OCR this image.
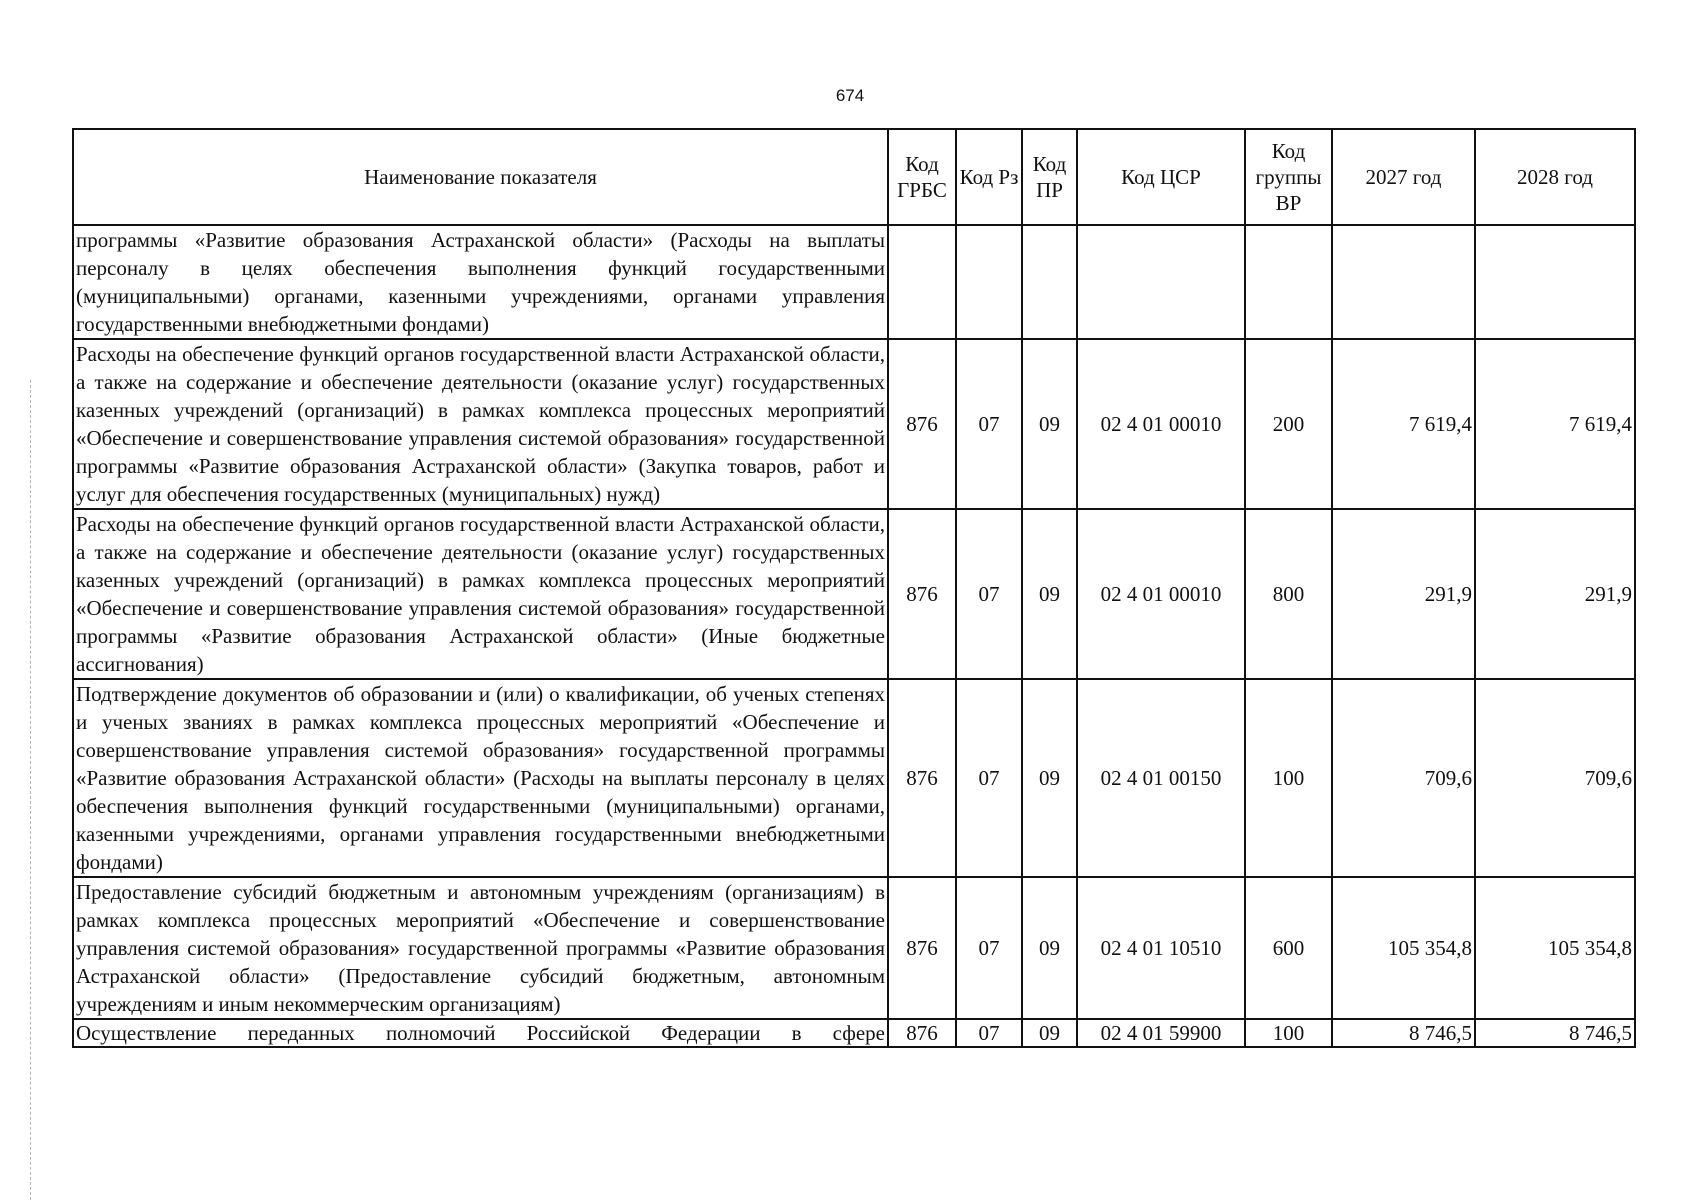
674
Наименование показателя	Код ГРБС	Код Рз	Код ПР	Код ЦСР	Код группы ВР	2027 год	2028 год
программы «Развитие образования Астраханской области» (Расходы на выплаты персоналу в целях обеспечения выполнения функций государственными (муниципальными) органами, казенными учреждениями, органами управления государственными внебюджетными фондами)							
Расходы на обеспечение функций органов государственной власти Астраханской области, а также на содержание и обеспечение деятельности (оказание услуг) государственных казенных учреждений (организаций) в рамках комплекса процессных мероприятий «Обеспечение и совершенствование управления системой образования» государственной программы «Развитие образования Астраханской области» (Закупка товаров, работ и услуг для обеспечения государственных (муниципальных) нужд)	876	07	09	02 4 01 00010	200	7 619,4	7 619,4
Расходы на обеспечение функций органов государственной власти Астраханской области, а также на содержание и обеспечение деятельности (оказание услуг) государственных казенных учреждений (организаций) в рамках комплекса процессных мероприятий «Обеспечение и совершенствование управления системой образования» государственной программы «Развитие образования Астраханской области» (Иные бюджетные ассигнования)	876	07	09	02 4 01 00010	800	291,9	291,9
Подтверждение документов об образовании и (или) о квалификации, об ученых степенях и ученых званиях в рамках комплекса процессных мероприятий «Обеспечение и совершенствование управления системой образования» государственной программы «Развитие образования Астраханской области» (Расходы на выплаты персоналу в целях обеспечения выполнения функций государственными (муниципальными) органами, казенными учреждениями, органами управления государственными внебюджетными фондами)	876	07	09	02 4 01 00150	100	709,6	709,6
Предоставление субсидий бюджетным и автономным учреждениям (организациям) в рамках комплекса процессных мероприятий «Обеспечение и совершенствование управления системой образования» государственной программы «Развитие образования Астраханской области» (Предоставление субсидий бюджетным, автономным учреждениям и иным некоммерческим организациям)	876	07	09	02 4 01 10510	600	105 354,8	105 354,8
Осуществление переданных полномочий Российской Федерации в сфере	876	07	09	02 4 01 59900	100	8 746,5	8 746,5
